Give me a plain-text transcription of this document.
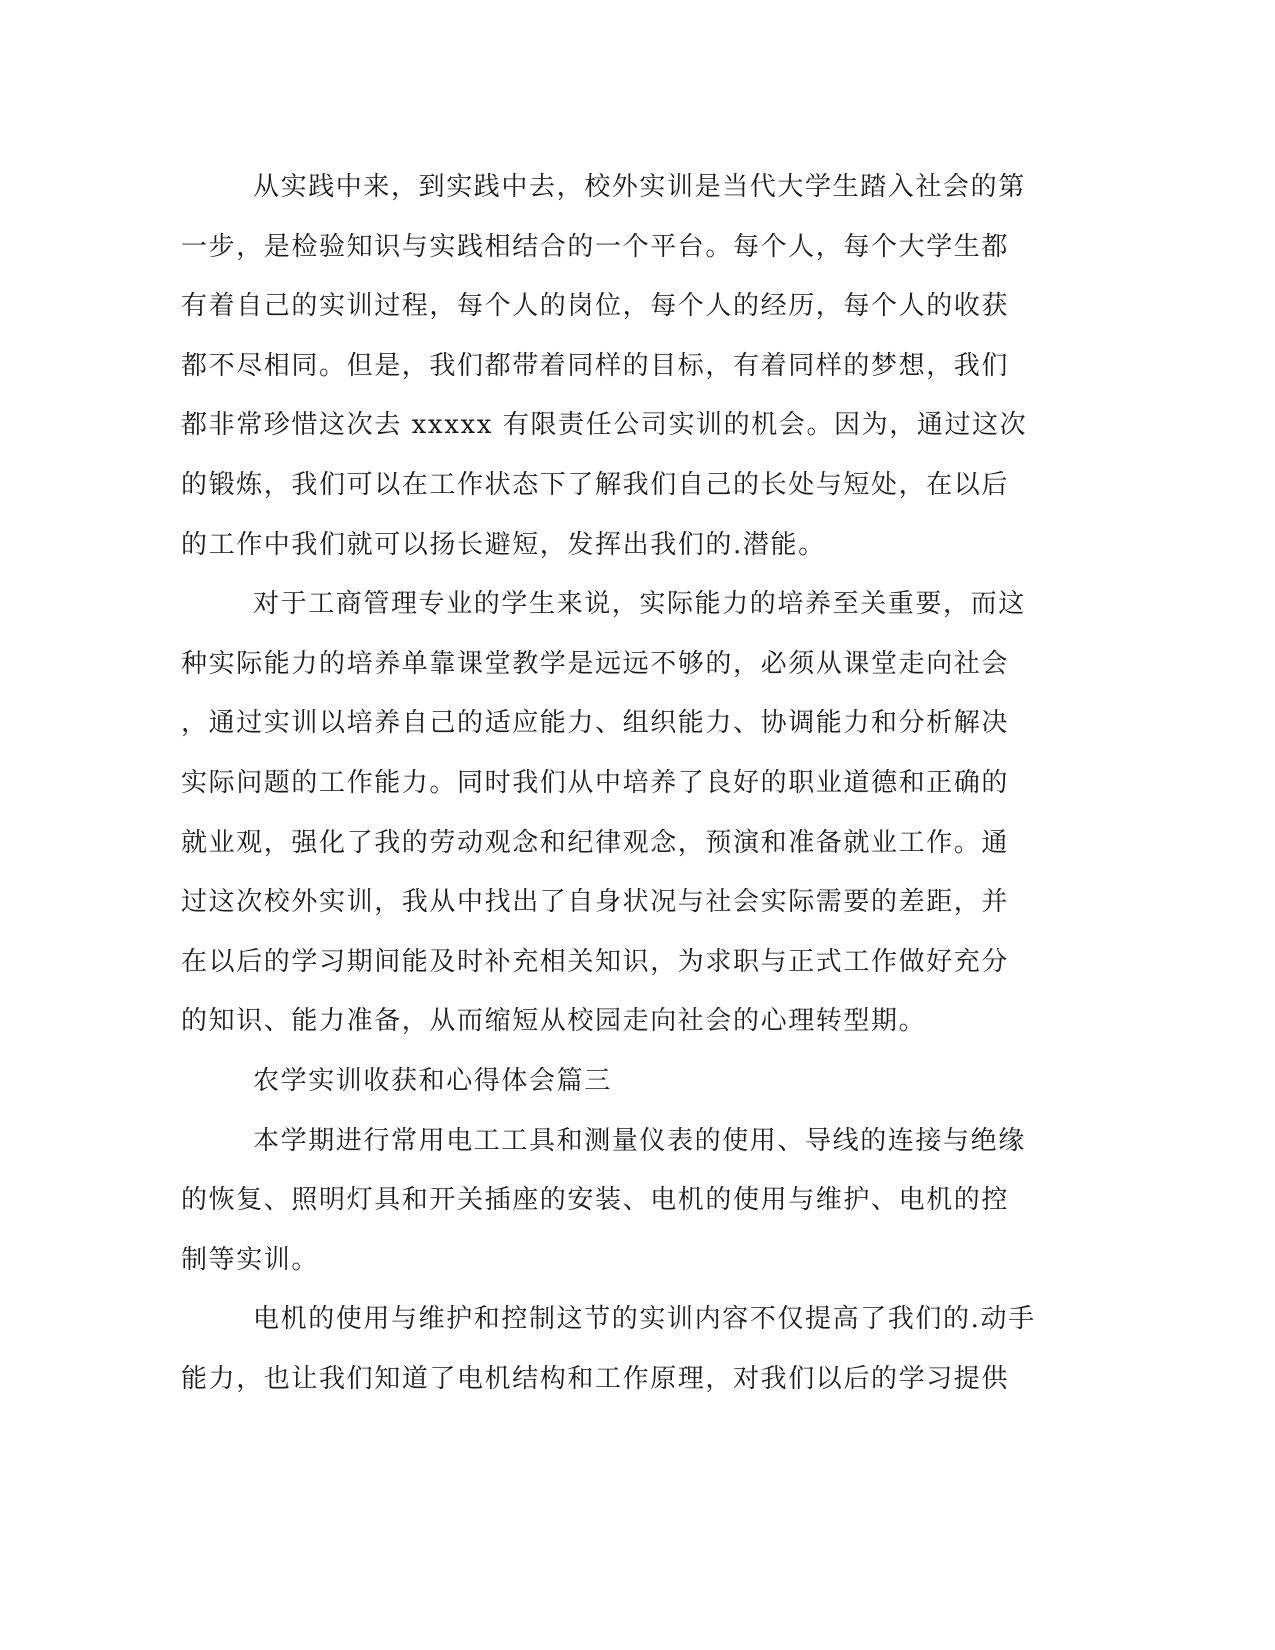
从实践中来，到实践中去，校外实训是当代大学生踏入社会的第
一步，是检验知识与实践相结合的一个平台。每个人，每个大学生都
有着自己的实训过程，每个人的岗位，每个人的经历，每个人的收获
都不尽相同。但是，我们都带着同样的目标，有着同样的梦想，我们
都非常珍惜这次去 xxxxx 有限责任公司实训的机会。因为，通过这次
的锻炼，我们可以在工作状态下了解我们自己的长处与短处，在以后
的工作中我们就可以扬长避短，发挥出我们的.潜能。
对于工商管理专业的学生来说，实际能力的培养至关重要，而这
种实际能力的培养单靠课堂教学是远远不够的，必须从课堂走向社会
，通过实训以培养自己的适应能力、组织能力、协调能力和分析解决
实际问题的工作能力。同时我们从中培养了良好的职业道德和正确的
就业观，强化了我的劳动观念和纪律观念，预演和准备就业工作。通
过这次校外实训，我从中找出了自身状况与社会实际需要的差距，并
在以后的学习期间能及时补充相关知识，为求职与正式工作做好充分
的知识、能力准备，从而缩短从校园走向社会的心理转型期。
农学实训收获和心得体会篇三
本学期进行常用电工工具和测量仪表的使用、导线的连接与绝缘
的恢复、照明灯具和开关插座的安装、电机的使用与维护、电机的控
制等实训。
电机的使用与维护和控制这节的实训内容不仅提高了我们的.动手
能力，也让我们知道了电机结构和工作原理，对我们以后的学习提供
